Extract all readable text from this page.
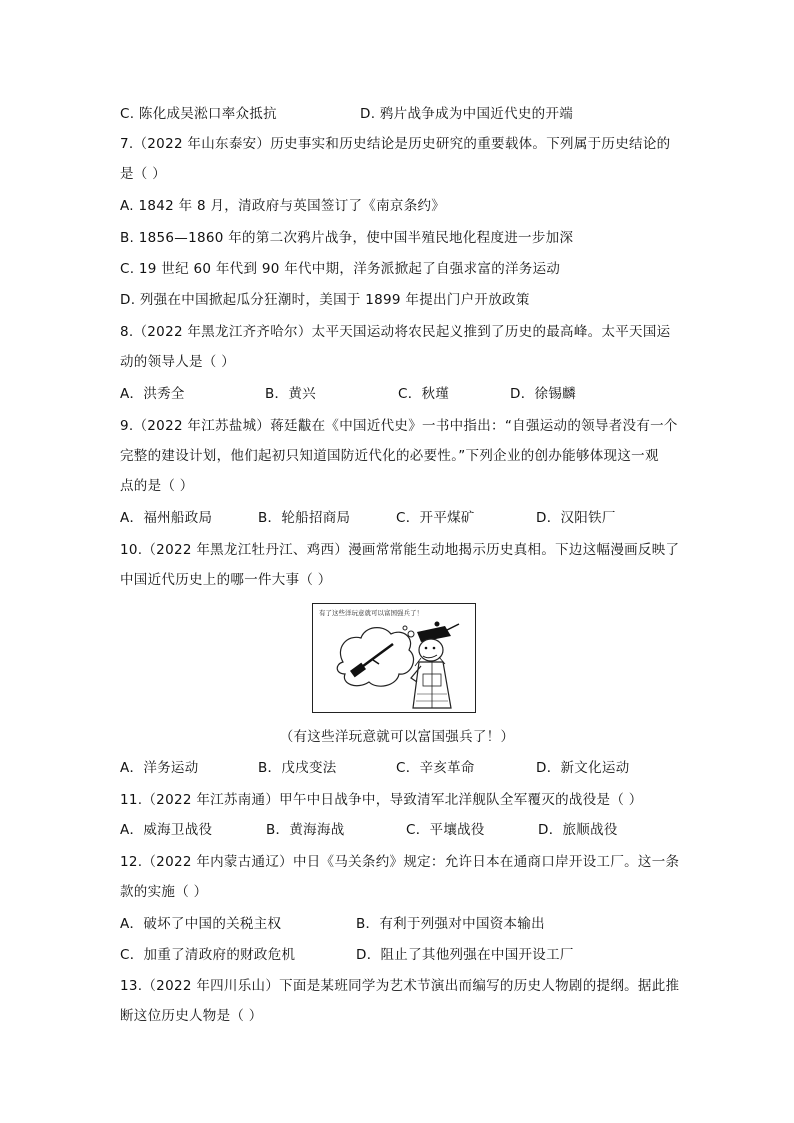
C. 陈化成吴淞口率众抵抗	D. 鸦片战争成为中国近代史的开端
7.（2022 年山东泰安）历史事实和历史结论是历史研究的重要载体。下列属于历史结论的
是（ ）
A. 1842 年 8 月，清政府与英国签订了《南京条约》
B. 1856—1860 年的第二次鸦片战争，使中国半殖民地化程度进一步加深
C. 19 世纪 60 年代到 90 年代中期，洋务派掀起了自强求富的洋务运动
D. 列强在中国掀起瓜分狂潮时，美国于 1899 年提出门户开放政策
8.（2022 年黑龙江齐齐哈尔）太平天国运动将农民起义推到了历史的最高峰。太平天国运
动的领导人是（ ）
A．洪秀全	B．黄兴	C．秋瑾	D．徐锡麟
9.（2022 年江苏盐城）蒋廷黻在《中国近代史》一书中指出：“自强运动的领导者没有一个
完整的建设计划，他们起初只知道国防近代化的必要性。”下列企业的创办能够体现这一观
点的是（ ）
A．福州船政局	B．轮船招商局	C．开平煤矿	D．汉阳铁厂
10.（2022 年黑龙江牡丹江、鸡西）漫画常常能生动地揭示历史真相。下边这幅漫画反映了
中国近代历史上的哪一件大事（ ）
有了这些洋玩意就可以富国强兵了！
（有这些洋玩意就可以富国强兵了！）
A．洋务运动	B．戊戌变法	C．辛亥革命	D．新文化运动
11.（2022 年江苏南通）甲午中日战争中，导致清军北洋舰队全军覆灭的战役是（ ）
A．威海卫战役	B．黄海海战	C．平壤战役	D．旅顺战役
12.（2022 年内蒙古通辽）中日《马关条约》规定：允许日本在通商口岸开设工厂。这一条
款的实施（ ）
A．破坏了中国的关税主权	B．有利于列强对中国资本输出
C．加重了清政府的财政危机	D．阻止了其他列强在中国开设工厂
13.（2022 年四川乐山）下面是某班同学为艺术节演出而编写的历史人物剧的提纲。据此推
断这位历史人物是（ ）
